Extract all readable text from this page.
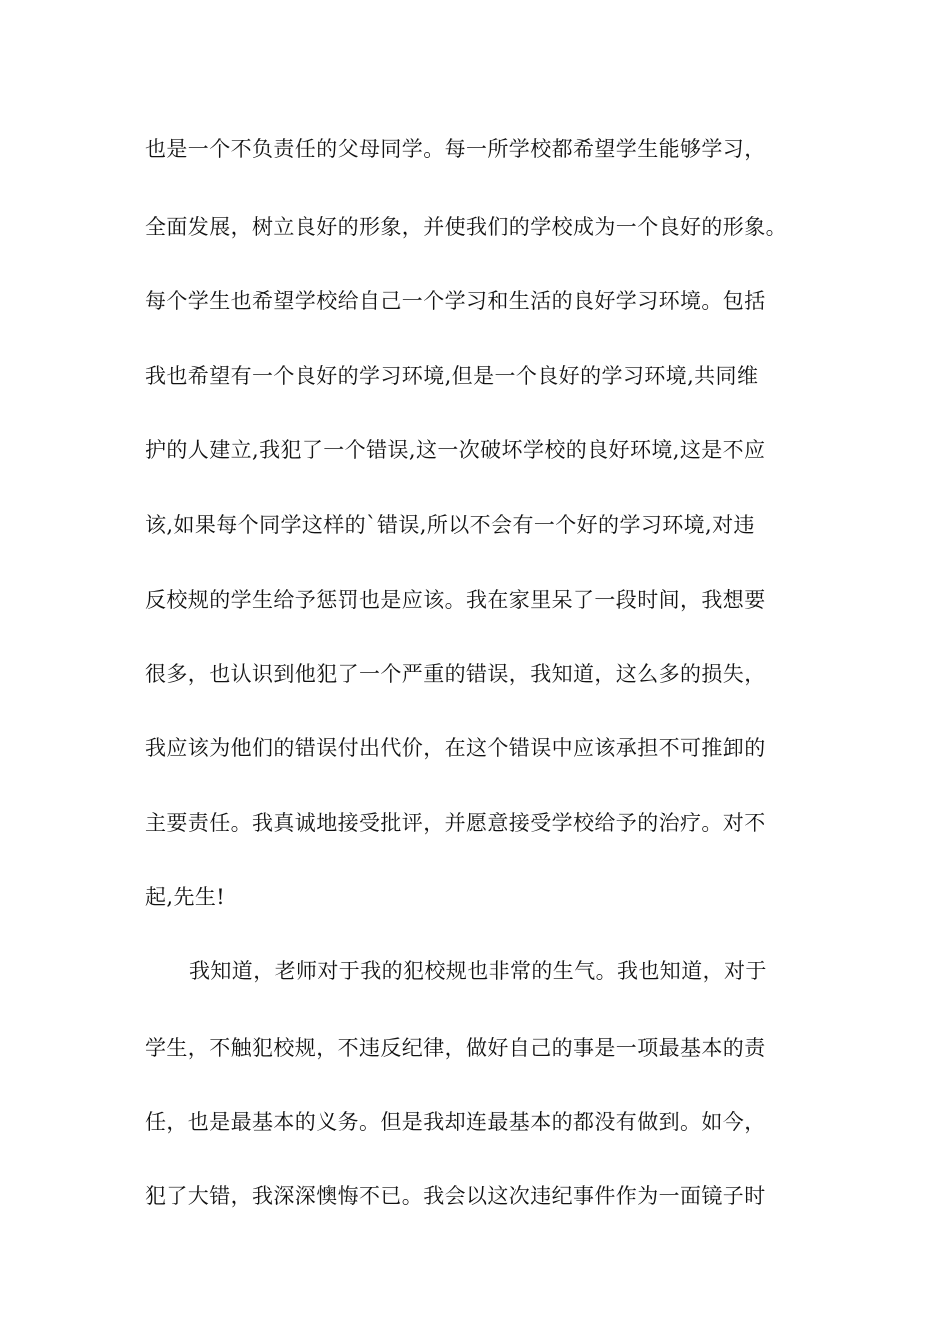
也是一个不负责任的父母同学。每一所学校都希望学生能够学习，
全面发展，树立良好的形象，并使我们的学校成为一个良好的形象。
每个学生也希望学校给自己一个学习和生活的良好学习环境。包括
我也希望有一个良好的学习环境,但是一个良好的学习环境,共同维
护的人建立,我犯了一个错误,这一次破坏学校的良好环境,这是不应
该,如果每个同学这样的`错误,所以不会有一个好的学习环境,对违
反校规的学生给予惩罚也是应该。我在家里呆了一段时间，我想要
很多，也认识到他犯了一个严重的错误，我知道，这么多的损失，
我应该为他们的错误付出代价，在这个错误中应该承担不可推卸的
主要责任。我真诚地接受批评，并愿意接受学校给予的治疗。对不
起,先生!
我知道，老师对于我的犯校规也非常的生气。我也知道，对于
学生，不触犯校规，不违反纪律，做好自己的事是一项最基本的责
任，也是最基本的义务。但是我却连最基本的都没有做到。如今，
犯了大错，我深深懊悔不已。我会以这次违纪事件作为一面镜子时
